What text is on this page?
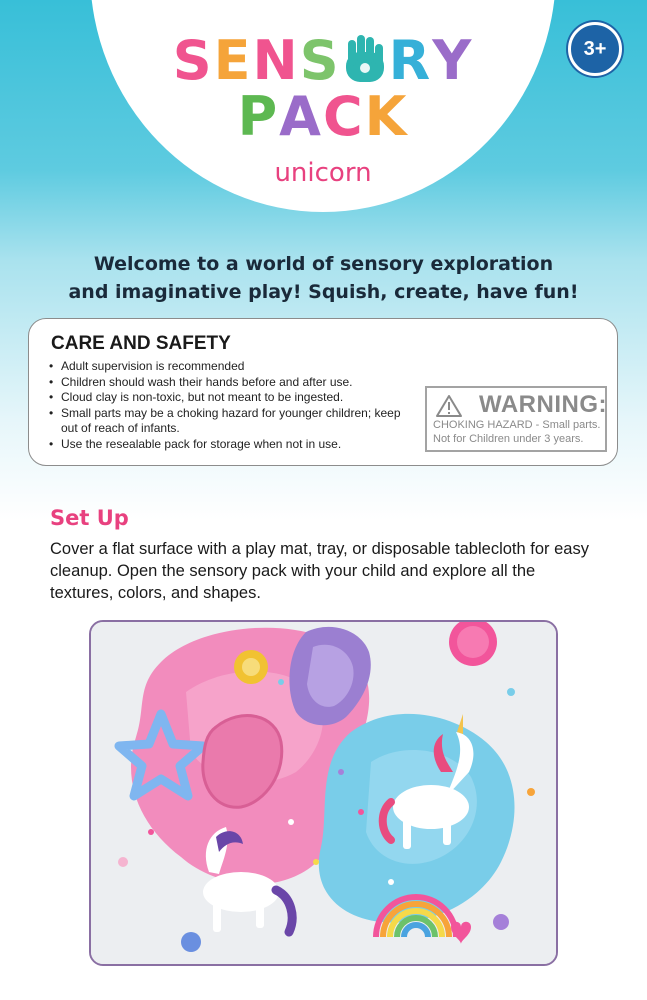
SENS RY
PACK
unicorn
3+
Welcome to a world of sensory exploration
and imaginative play! Squish, create, have fun!
CARE AND SAFETY
• Adult supervision is recommended
• Children should wash their hands before and after use.
• Cloud clay is non-toxic, but not meant to be ingested.
• Small parts may be a choking hazard for younger children; keep out of reach of infants.
• Use the resealable pack for storage when not in use.
WARNING:
CHOKING HAZARD - Small parts.
Not for Children under 3 years.
Set Up
Cover a flat surface with a play mat, tray, or disposable tablecloth for easy cleanup. Open the sensory pack with your child and explore all the textures, colors, and shapes.
